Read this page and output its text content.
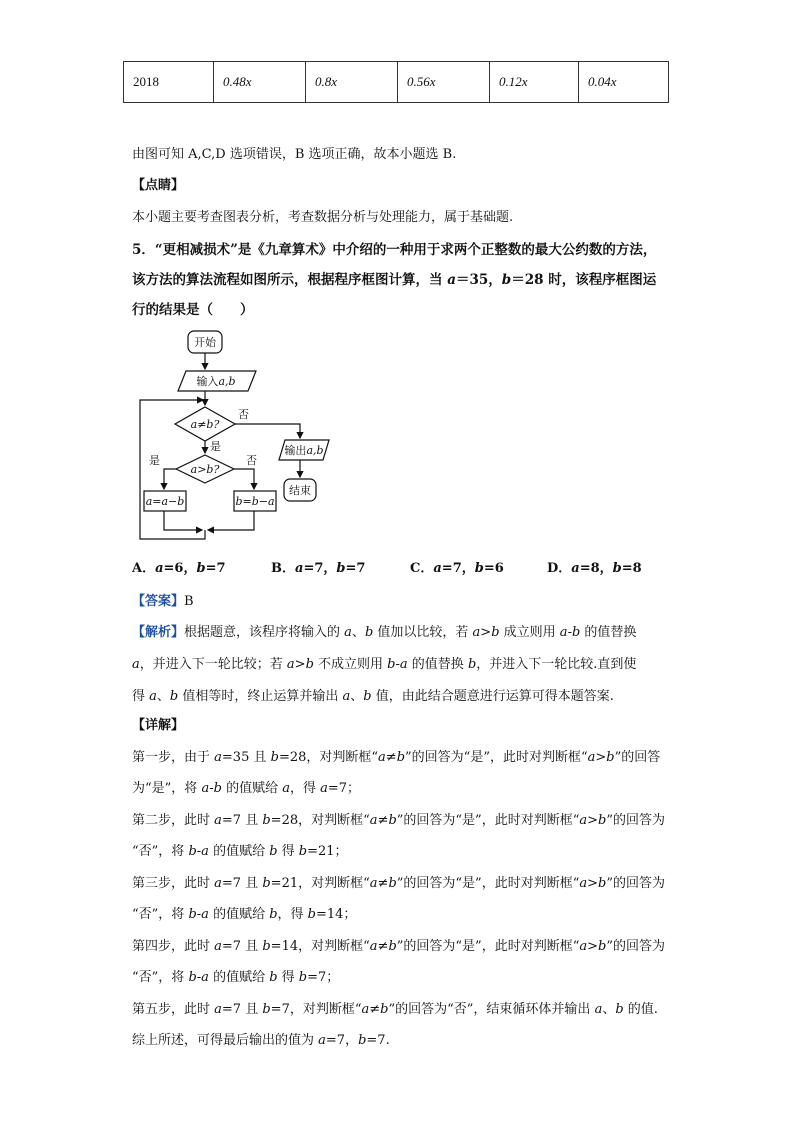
2018	0.48x	0.8x	0.56x	0.12x	0.04x
由图可知 A,C,D 选项错误，B 选项正确，故本小题选 B.
【点睛】
本小题主要考查图表分析，考查数据分析与处理能力，属于基础题.
5．“更相减损术”是《九章算术》中介绍的一种用于求两个正整数的最大公约数的方法，
该方法的算法流程如图所示，根据程序框图计算，当 a＝35，b＝28 时，该程序框图运
行的结果是（　　）
开始
输入a,b
a≠b?
否
是
a>b?
是	否
输出a,b
结束
a=a−b	b=b−a
A．a=6，b=7	B．a=7，b=7	C．a=7，b=6	D．a=8，b=8
【答案】B
【解析】根据题意，该程序将输入的 a、b 值加以比较，若 a>b 成立则用 a-b 的值替换
a，并进入下一轮比较；若 a>b 不成立则用 b-a 的值替换 b，并进入下一轮比较.直到使
得 a、b 值相等时，终止运算并输出 a、b 值，由此结合题意进行运算可得本题答案.
【详解】
第一步，由于 a=35 且 b=28，对判断框“a≠b”的回答为“是”，此时对判断框“a>b”的回答
为“是”，将 a-b 的值赋给 a，得 a=7；
第二步，此时 a=7 且 b=28，对判断框“a≠b”的回答为“是”，此时对判断框“a>b”的回答为
“否”，将 b-a 的值赋给 b 得 b=21；
第三步，此时 a=7 且 b=21，对判断框“a≠b”的回答为“是”，此时对判断框“a>b”的回答为
“否”，将 b-a 的值赋给 b，得 b=14；
第四步，此时 a=7 且 b=14，对判断框“a≠b”的回答为“是”，此时对判断框“a>b”的回答为
“否”，将 b-a 的值赋给 b 得 b=7；
第五步，此时 a=7 且 b=7，对判断框“a≠b”的回答为“否”，结束循环体并输出 a、b 的值.
综上所述，可得最后输出的值为 a=7，b=7.
